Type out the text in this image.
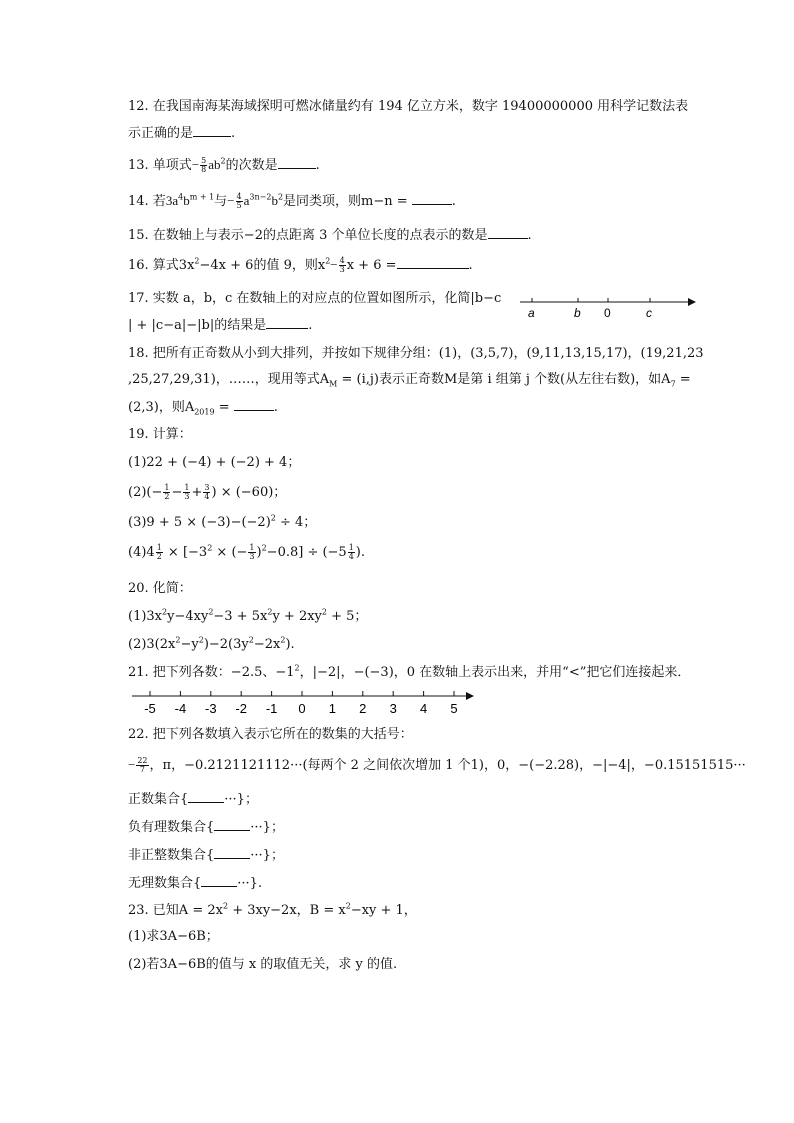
12. 在我国南海某海域探明可燃冰储量约有 194 亿立方米，数字 19400000000 用科学记数法表
示正确的是	.
13. 单项式− $\frac{5}{8} ab^2$的次数是	.
14. 若$3a^4b^{m + 1}$与− $\frac{4}{5} a^{3n-2}b^2$是同类项，则m−n =	.
15. 在数轴上与表示−2的点距离 3 个单位长度的点表示的数是	.
16. 算式$3x^2-4x + 6$的值 9，则$x^2- \frac{4}{3}$ x + 6 =	.
17. 实数 a，b，c 在数轴上的对应点的位置如图所示，化简|b−c
| + |c−a|−|b|的结果是	.
a	b 0	c
18. 把所有正奇数从小到大排列，并按如下规律分组：(1)，(3,5,7)，(9,11,13,15,17)，(19,21,23
,25,27,29,31)，……，现用等式$A_M = (i,j)$表示正奇数M是第 i 组第 j 个数(从左往右数)，如$A_7$ =
(2,3)，则$A_{2019}$ =	.
19. 计算：
(1)22 + (−4) + (−2) + 4；
$(2)(- \frac{1}{2} - \frac{1}{3} + \frac{3}{4}$ ) × (−60)；
$(3)9 + 5 \times (-3)-(-2)^2 \div 4$；
$(4)4 \frac{1}{2} \times [-3^2$ × (− $\frac{1}{3} )^2-0.8] \div (-5 \frac{1}{4}$ ).
20. 化简：
$(1)3x^2y-4xy^2-3 + 5x^2y + 2xy^2 + 5$；
$(2)3(2x^2-y^2)-2(3y^2-2x^2)$.
21. 把下列各数：−2.5、$-1^2$，|−2|，−(−3)，0 在数轴上表示出来，并用“<”把它们连接起来．
-5 -4 -3 -2 -1 0 1 2 3 4 5
22. 把下列各数填入表示它所在的数集的大括号：
− $\frac{22}{7}$ ，π，−0.2121121112···(每两个 2 之间依次增加 1 个1)，0，−(−2.28)，−|−4|，−0.15151515···
正数集合{	···}；
负有理数集合{	···}；
非正整数集合{	···}；
无理数集合{	···}.
23. 已知$A = 2x^2 + 3xy-2x$，$B = x^2-xy + 1$，
(1)求3A−6B；
(2)若3A−6B的值与 x 的取值无关，求 y 的值.
